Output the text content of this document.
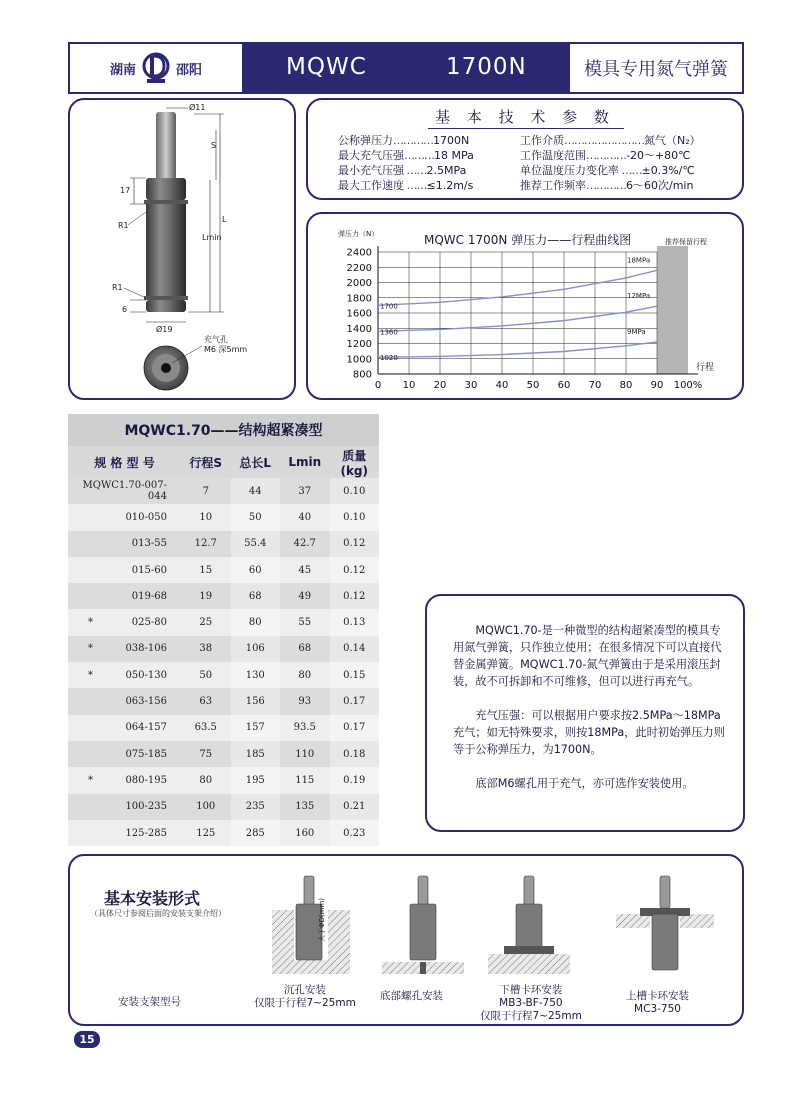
湖南	邵阳	MQWC	1700N	模具专用氮气弹簧
Ø11
S
L
Lmin
17
R1
R1
6
Ø19
充气孔
M6 深5mm
基 本 技 术 参 数
公称弹压力…………1700N
最大充气压强………18 MPa
最小充气压强 ……2.5MPa
最大工作速度 ……≤1.2m/s
工作介质……………………氮气（N₂）
工作温度范围…………-20～+80℃
单位温度压力变化率 ……±0.3%/℃
推荐工作频率…………6～60次/min
弹压力（N）	MQWC 1700N 弹压力——行程曲线图	推荐保留行程
行程
800
1000
1200
1400
1600
1800
2000
2200
2400
0 10 20 30 40 50 60 70 80 90 100%
18MPa
1700
12MPa
1360	9MPa
1020
MQWC1.70——结构超紧凑型
规 格 型 号	行程S	总长L	Lmin	质量(kg)
MQWC1.70-007-044	7	44	37	0.10
010-050	10	50	40	0.10
013-55	12.7	55.4	42.7	0.12
015-60	15	60	45	0.12
019-68	19	68	49	0.12
*	025-80	25	80	55	0.13
*	038-106	38	106	68	0.14
*	050-130	50	130	80	0.15
063-156	63	156	93	0.17
064-157	63.5	157	93.5	0.17
075-185	75	185	110	0.18
*	080-195	80	195	115	0.19
100-235	100	235	135	0.21
125-285	125	285	160	0.23

MQWC1.70-是一种微型的结构超紧凑型的模具专用氮气弹簧，只作独立使用；在很多情况下可以直接代替金属弹簧。MQWC1.70-氮气弹簧由于是采用滚压封装，故不可拆卸和不可维修，但可以进行再充气。

充气压强：可以根据用户要求按2.5MPa～18MPa充气；如无特殊要求，则按18MPa，此时初始弹压力则等于公称弹压力，为1700N。

底部M6螺孔用于充气，亦可选作安装使用。

基本安装形式
（具体尺寸参阅后面的安装支架介绍）
安装支架型号
大于ΦD(mm)
沉孔安装
仅限于行程7~25mm
底部螺孔安装	下槽卡环安装
MB3-BF-750
仅限于行程7~25mm
上槽卡环安装
MC3-750
15
